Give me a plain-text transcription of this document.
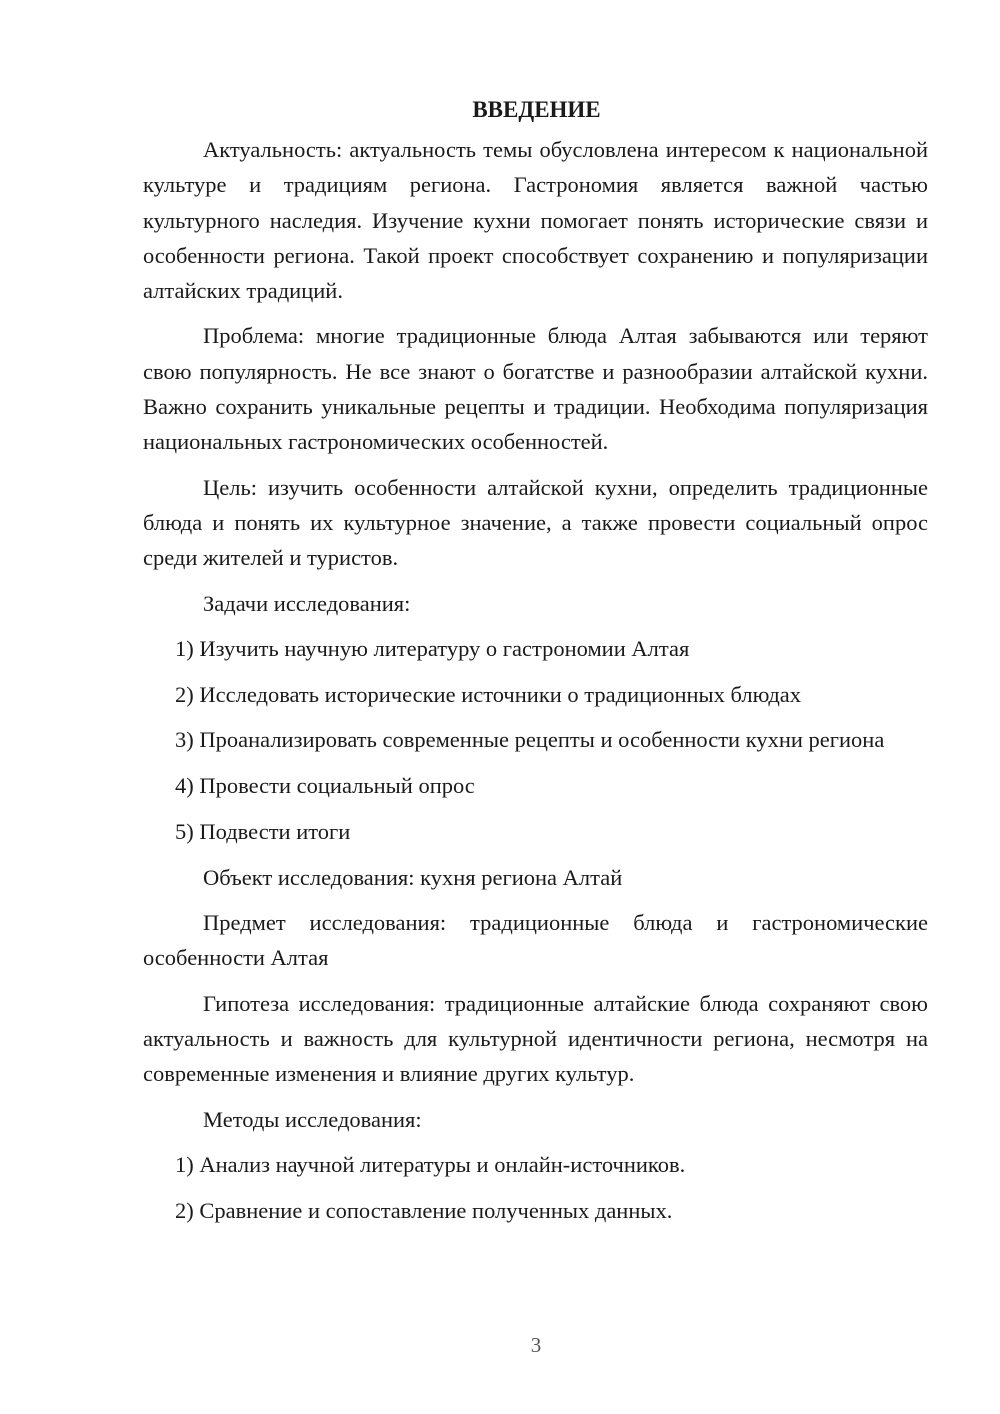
ВВЕДЕНИЕ

Актуальность: актуальность темы обусловлена интересом к национальной культуре и традициям региона. Гастрономия является важной частью культурного наследия. Изучение кухни помогает понять исторические связи и особенности региона. Такой проект способствует сохранению и популяризации алтайских традиций.

Проблема: многие традиционные блюда Алтая забываются или теряют свою популярность. Не все знают о богатстве и разнообразии алтайской кухни. Важно сохранить уникальные рецепты и традиции. Необходима популяризация национальных гастрономических особенностей.

Цель: изучить особенности алтайской кухни, определить традиционные блюда и понять их культурное значение, а также провести социальный опрос среди жителей и туристов.

Задачи исследования:

1) Изучить научную литературу о гастрономии Алтая

2) Исследовать исторические источники о традиционных блюдах

3) Проанализировать современные рецепты и особенности кухни региона

4) Провести социальный опрос

5) Подвести итоги

Объект исследования: кухня региона Алтай

Предмет исследования: традиционные блюда и гастрономические особенности Алтая

Гипотеза исследования: традиционные алтайские блюда сохраняют свою актуальность и важность для культурной идентичности региона, несмотря на современные изменения и влияние других культур.

Методы исследования:

1) Анализ научной литературы и онлайн-источников.

2) Сравнение и сопоставление полученных данных.

3
